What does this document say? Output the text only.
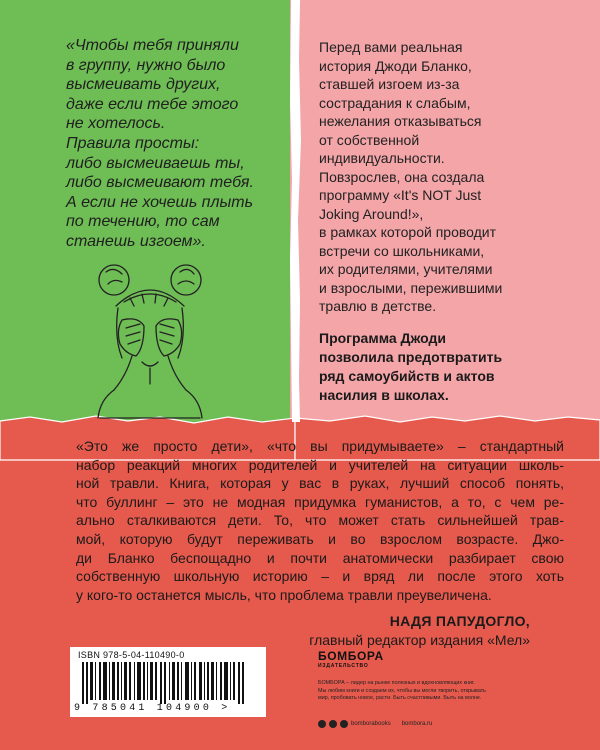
«Чтобы тебя приняли
в группу, нужно было
высмеивать других,
даже если тебе этого
не хотелось.
Правила просты:
либо высмеиваешь ты,
либо высмеивают тебя.
А если не хочешь плыть
по течению, то сам
станешь изгоем».
Перед вами реальная
история Джоди Бланко,
ставшей изгоем из-за
сострадания к слабым,
нежелания отказываться
от собственной
индивидуальности.
Повзрослев, она создала
программу «It's NOT Just
Joking Around!»,
в рамках которой проводит
встречи со школьниками,
их родителями, учителями
и взрослыми, пережившими
травлю в детстве.
Программа Джоди
позволила предотвратить
ряд самоубийств и актов
насилия в школах.
«Это же просто дети», «что вы придумываете» – стандартный
набор реакций многих родителей и учителей на ситуации школь-
ной травли. Книга, которая у вас в руках, лучший способ понять,
что буллинг – это не модная придумка гуманистов, а то, с чем ре-
ально сталкиваются дети. То, что может стать сильнейшей трав-
мой, которую будут переживать и во взрослом возрасте. Джо-
ди Бланко беспощадно и почти анатомически разбирает свою
собственную школьную историю – и вряд ли после этого хоть
у кого-то останется мысль, что проблема травли преувеличена.
НАДЯ ПАПУДОГЛО,
главный редактор издания «Мел»
ISBN 978-5-04-110490-0
9 785041 104900 >
БОМБОРА
ИЗДАТЕЛЬСТВО
БОМБОРА – лидер на рынке полезных и вдохновляющих книг.
Мы любим книги и создаем их, чтобы вы могли творить, открывать
мир, пробовать новое, расти. Быть счастливыми. Быть на волне.
bomborabooks bombora.ru
